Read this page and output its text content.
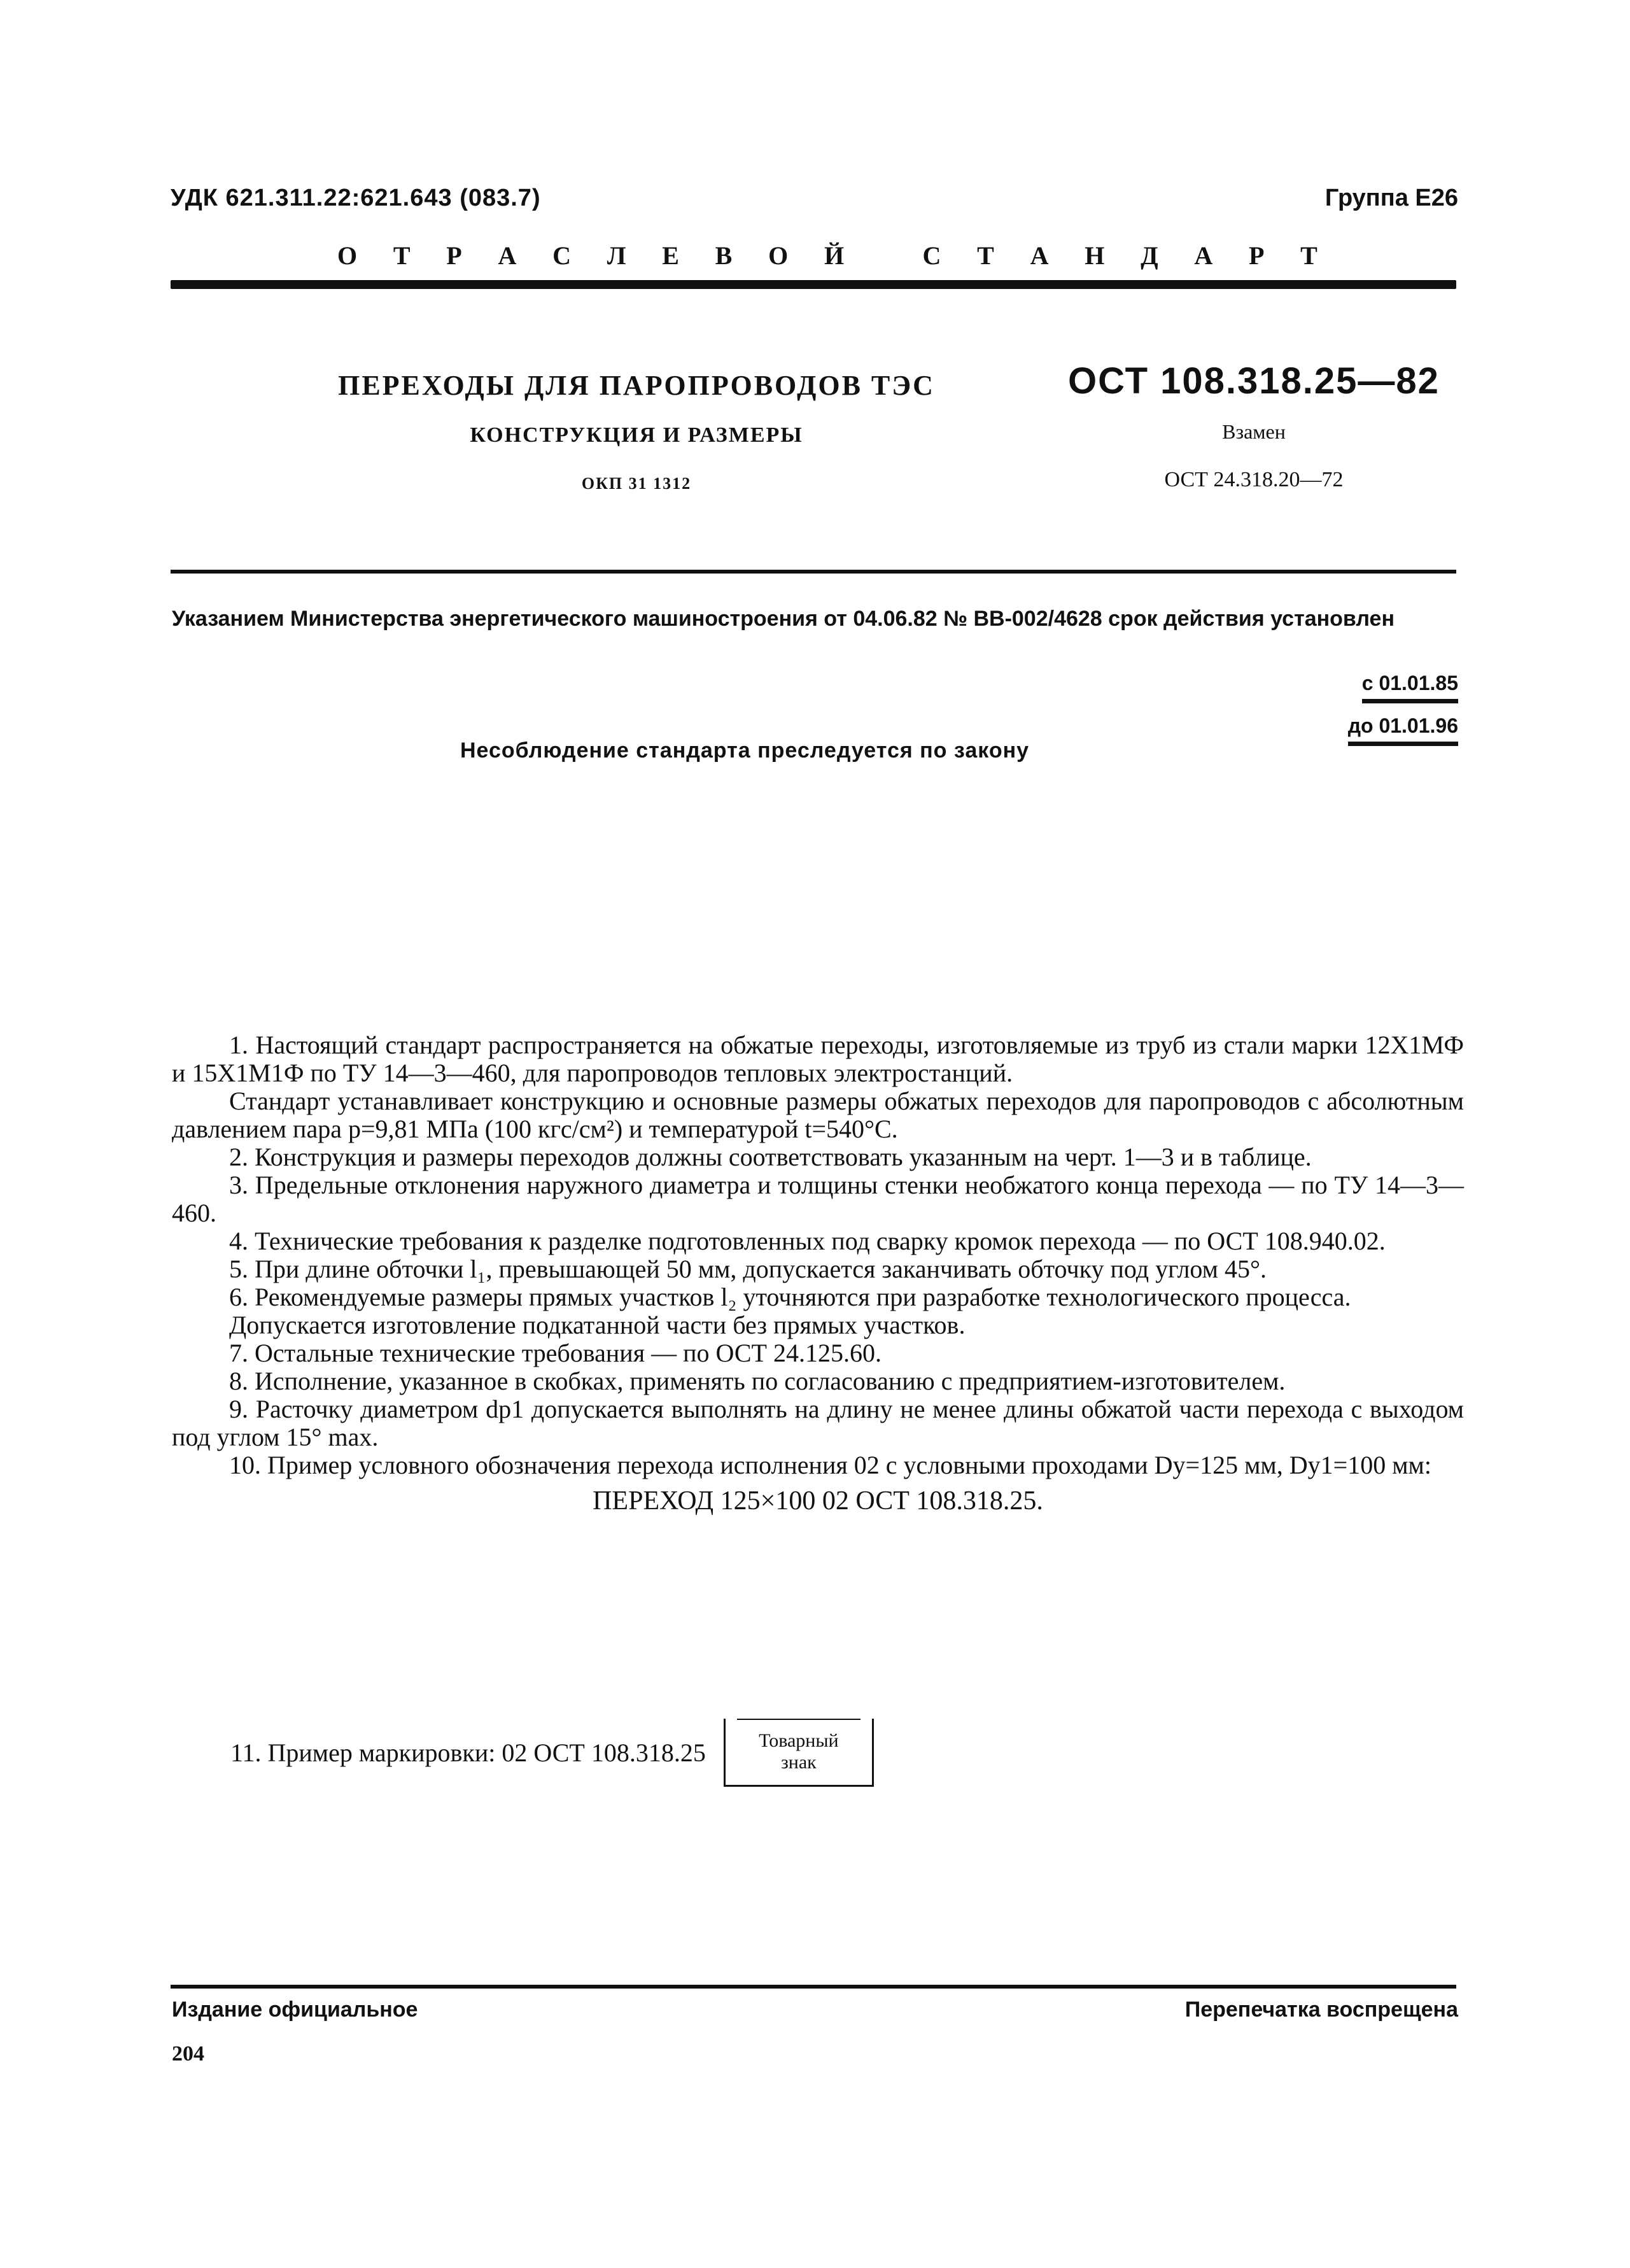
УДК 621.311.22:621.643 (083.7)	Группа Е26
О Т Р А С Л Е В О Й
	С Т А Н Д А Р Т
ПЕРЕХОДЫ ДЛЯ ПАРОПРОВОДОВ ТЭС
КОНСТРУКЦИЯ И РАЗМЕРЫ
ОКП 31 1312
ОСТ 108.318.25—82
Взамен
ОСТ 24.318.20—72
Указанием Министерства энергетического машиностроения от 04.06.82 № ВВ-002/4628 срок действия установлен
с 01.01.85
до 01.01.96
Несоблюдение стандарта преследуется по закону

1. Настоящий стандарт распространяется на обжатые переходы, изготовляемые из труб из стали марки 12Х1МФ и 15Х1М1Ф по ТУ 14—3—460, для паропроводов тепловых электростанций.

Стандарт устанавливает конструкцию и основные размеры обжатых переходов для паропроводов с абсолютным давлением пара p=9,81 МПа (100 кгс/см²) и температурой t=540°С.

2. Конструкция и размеры переходов должны соответствовать указанным на черт. 1—3 и в таблице.

3. Предельные отклонения наружного диаметра и толщины стенки необжатого конца перехода — по ТУ 14—3—460.

4. Технические требования к разделке подготовленных под сварку кромок перехода — по ОСТ 108.940.02.

5. При длине обточки l₁, превышающей 50 мм, допускается заканчивать обточку под углом 45°.

6. Рекомендуемые размеры прямых участков l₂ уточняются при разработке технологического процесса.

Допускается изготовление подкатанной части без прямых участков.

7. Остальные технические требования — по ОСТ 24.125.60.

8. Исполнение, указанное в скобках, применять по согласованию с предприятием-изготовителем.

9. Расточку диаметром dр1 допускается выполнять на длину не менее длины обжатой части перехода с выходом под углом 15° max.

10. Пример условного обозначения перехода исполнения 02 с условными проходами Dу=125 мм, Dу1=100 мм:

ПЕРЕХОД 125×100 02 ОСТ 108.318.25.

11. Пример маркировки: 02 ОСТ 108.318.25	Товарный
знак
Издание официальное	Перепечатка воспрещена
204
